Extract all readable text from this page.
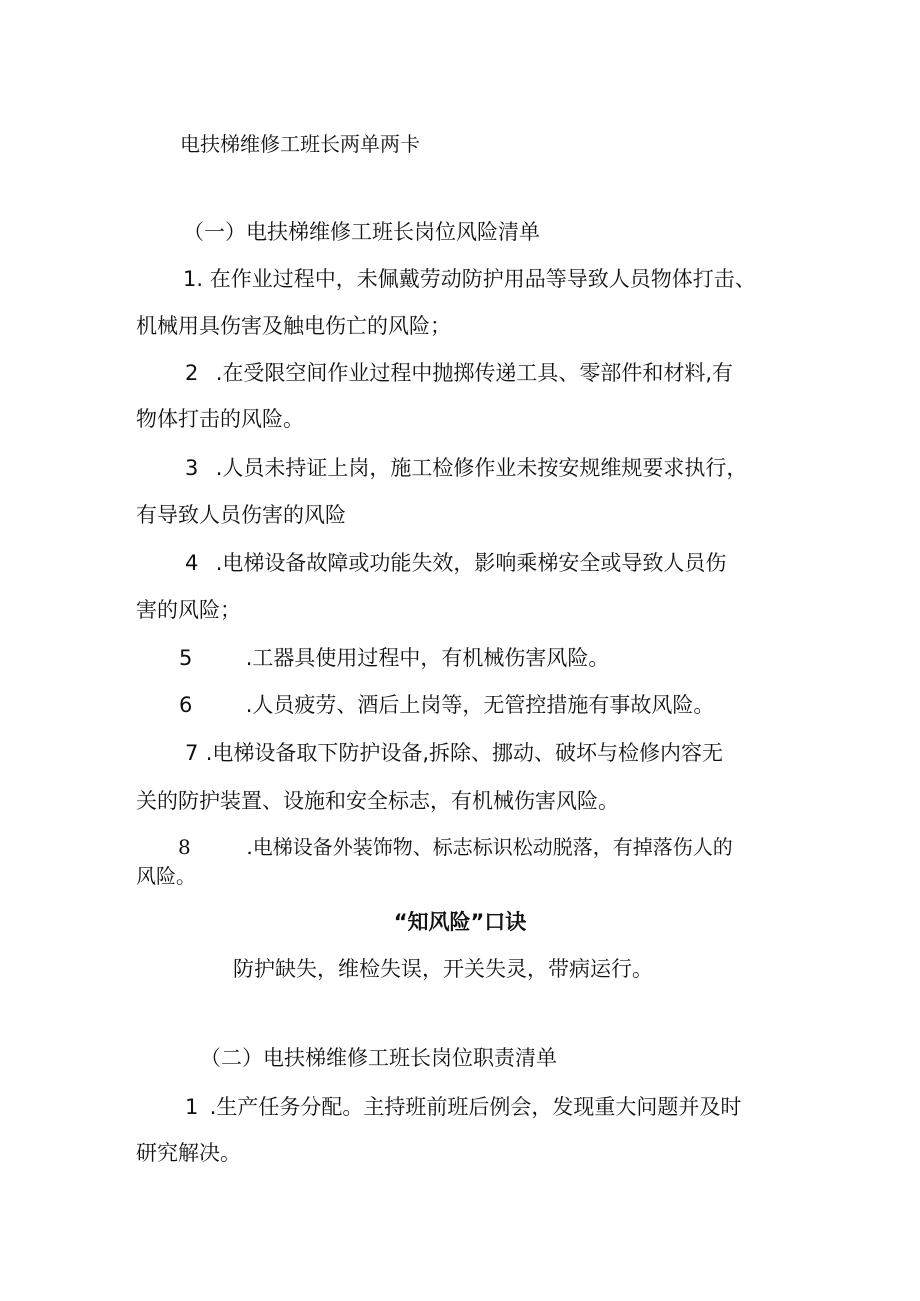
电扶梯维修工班长两单两卡
（一）电扶梯维修工班长岗位风险清单
1. 在作业过程中，未佩戴劳动防护用品等导致人员物体打击、
机械用具伤害及触电伤亡的风险；
2 .在受限空间作业过程中抛掷传递工具、零部件和材料,有
物体打击的风险。
3 .人员未持证上岗，施工检修作业未按安规维规要求执行，
有导致人员伤害的风险
4 .电梯设备故障或功能失效，影响乘梯安全或导致人员伤
害的风险；
5	.工器具使用过程中，有机械伤害风险。
6	.人员疲劳、酒后上岗等，无管控措施有事故风险。
7 .电梯设备取下防护设备,拆除、挪动、破坏与检修内容无
关的防护装置、设施和安全标志，有机械伤害风险。
8	.电梯设备外装饰物、标志标识松动脱落，有掉落伤人的
风险。
“知风险”口诀
防护缺失，维检失误，开关失灵，带病运行。
（二）电扶梯维修工班长岗位职责清单
1 .生产任务分配。主持班前班后例会，发现重大问题并及时
研究解决。
